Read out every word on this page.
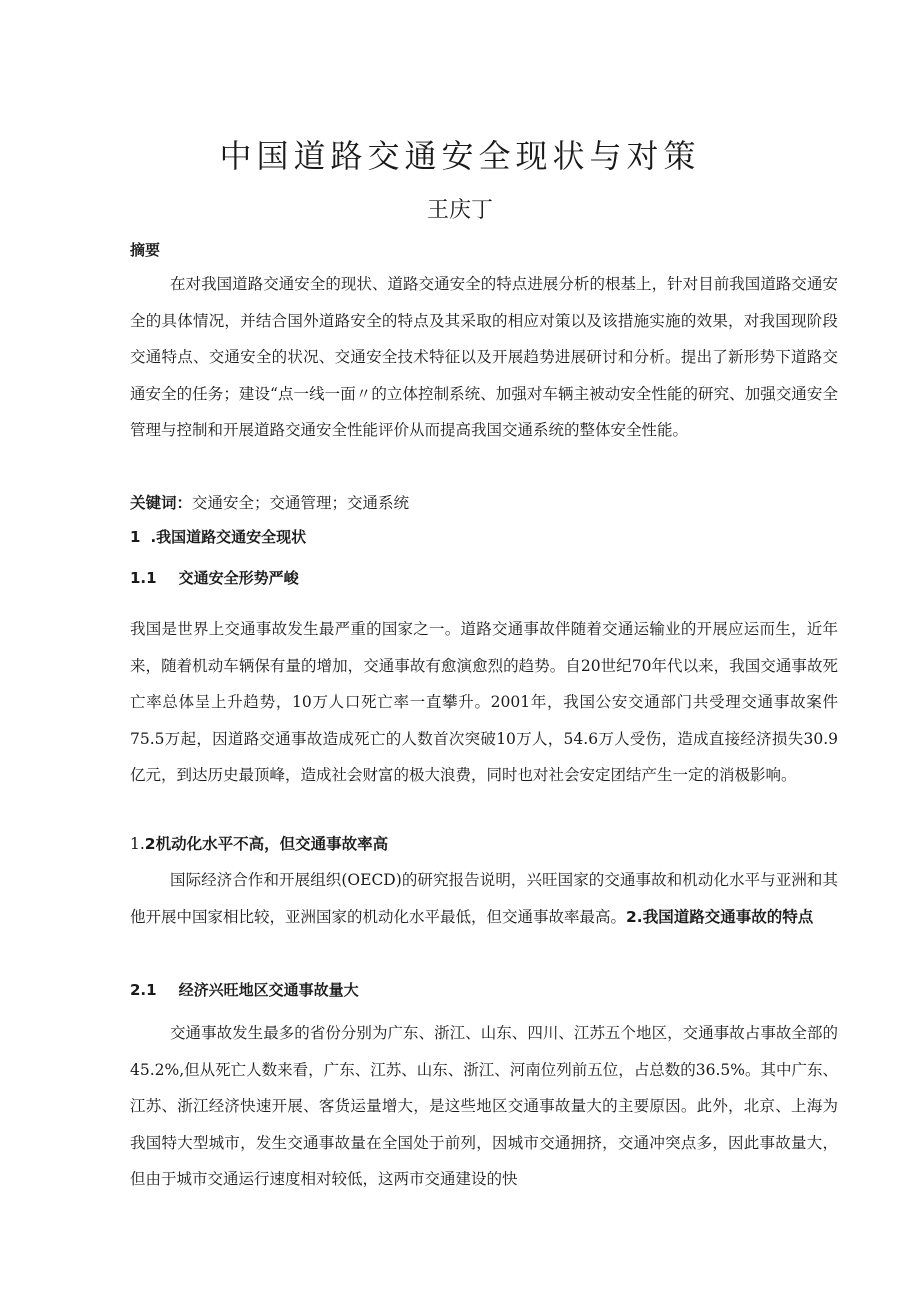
中国道路交通安全现状与对策
王庆丁
摘要

在对我国道路交通安全的现状、道路交通安全的特点进展分析的根基上，针对目前我国道路交通安全的具体情况，并结合国外道路安全的特点及其采取的相应对策以及该措施实施的效果，对我国现阶段交通特点、交通安全的状况、交通安全技术特征以及开展趋势进展研讨和分析。提出了新形势下道路交通安全的任务；建设“点一线一面〃的立体控制系统、加强对车辆主被动安全性能的研究、加强交通安全管理与控制和开展道路交通安全性能评价从而提高我国交通系统的整体安全性能。

关键词：交通安全；交通管理；交通系统
1 .我国道路交通安全现状
1.1 交通安全形势严峻

我国是世界上交通事故发生最严重的国家之一。道路交通事故伴随着交通运输业的开展应运而生，近年来，随着机动车辆保有量的增加，交通事故有愈演愈烈的趋势。自20世纪70年代以来，我国交通事故死亡率总体呈上升趋势，10万人口死亡率一直攀升。2001年，我国公安交通部门共受理交通事故案件75.5万起，因道路交通事故造成死亡的人数首次突破10万人，54.6万人受伤，造成直接经济损失30.9亿元，到达历史最顶峰，造成社会财富的极大浪费，同时也对社会安定团结产生一定的消极影响。

1.2机动化水平不高，但交通事故率高

国际经济合作和开展组织(OECD)的研究报告说明，兴旺国家的交通事故和机动化水平与亚洲和其他开展中国家相比较，亚洲国家的机动化水平最低，但交通事故率最高。2.我国道路交通事故的特点

2.1 经济兴旺地区交通事故量大

交通事故发生最多的省份分别为广东、浙江、山东、四川、江苏五个地区，交通事故占事故全部的45.2%,但从死亡人数来看，广东、江苏、山东、浙江、河南位列前五位，占总数的36.5%。其中广东、江苏、浙江经济快速开展、客货运量增大，是这些地区交通事故量大的主要原因。此外，北京、上海为我国特大型城市，发生交通事故量在全国处于前列，因城市交通拥挤，交通冲突点多，因此事故量大，但由于城市交通运行速度相对较低，这两市交通建设的快
